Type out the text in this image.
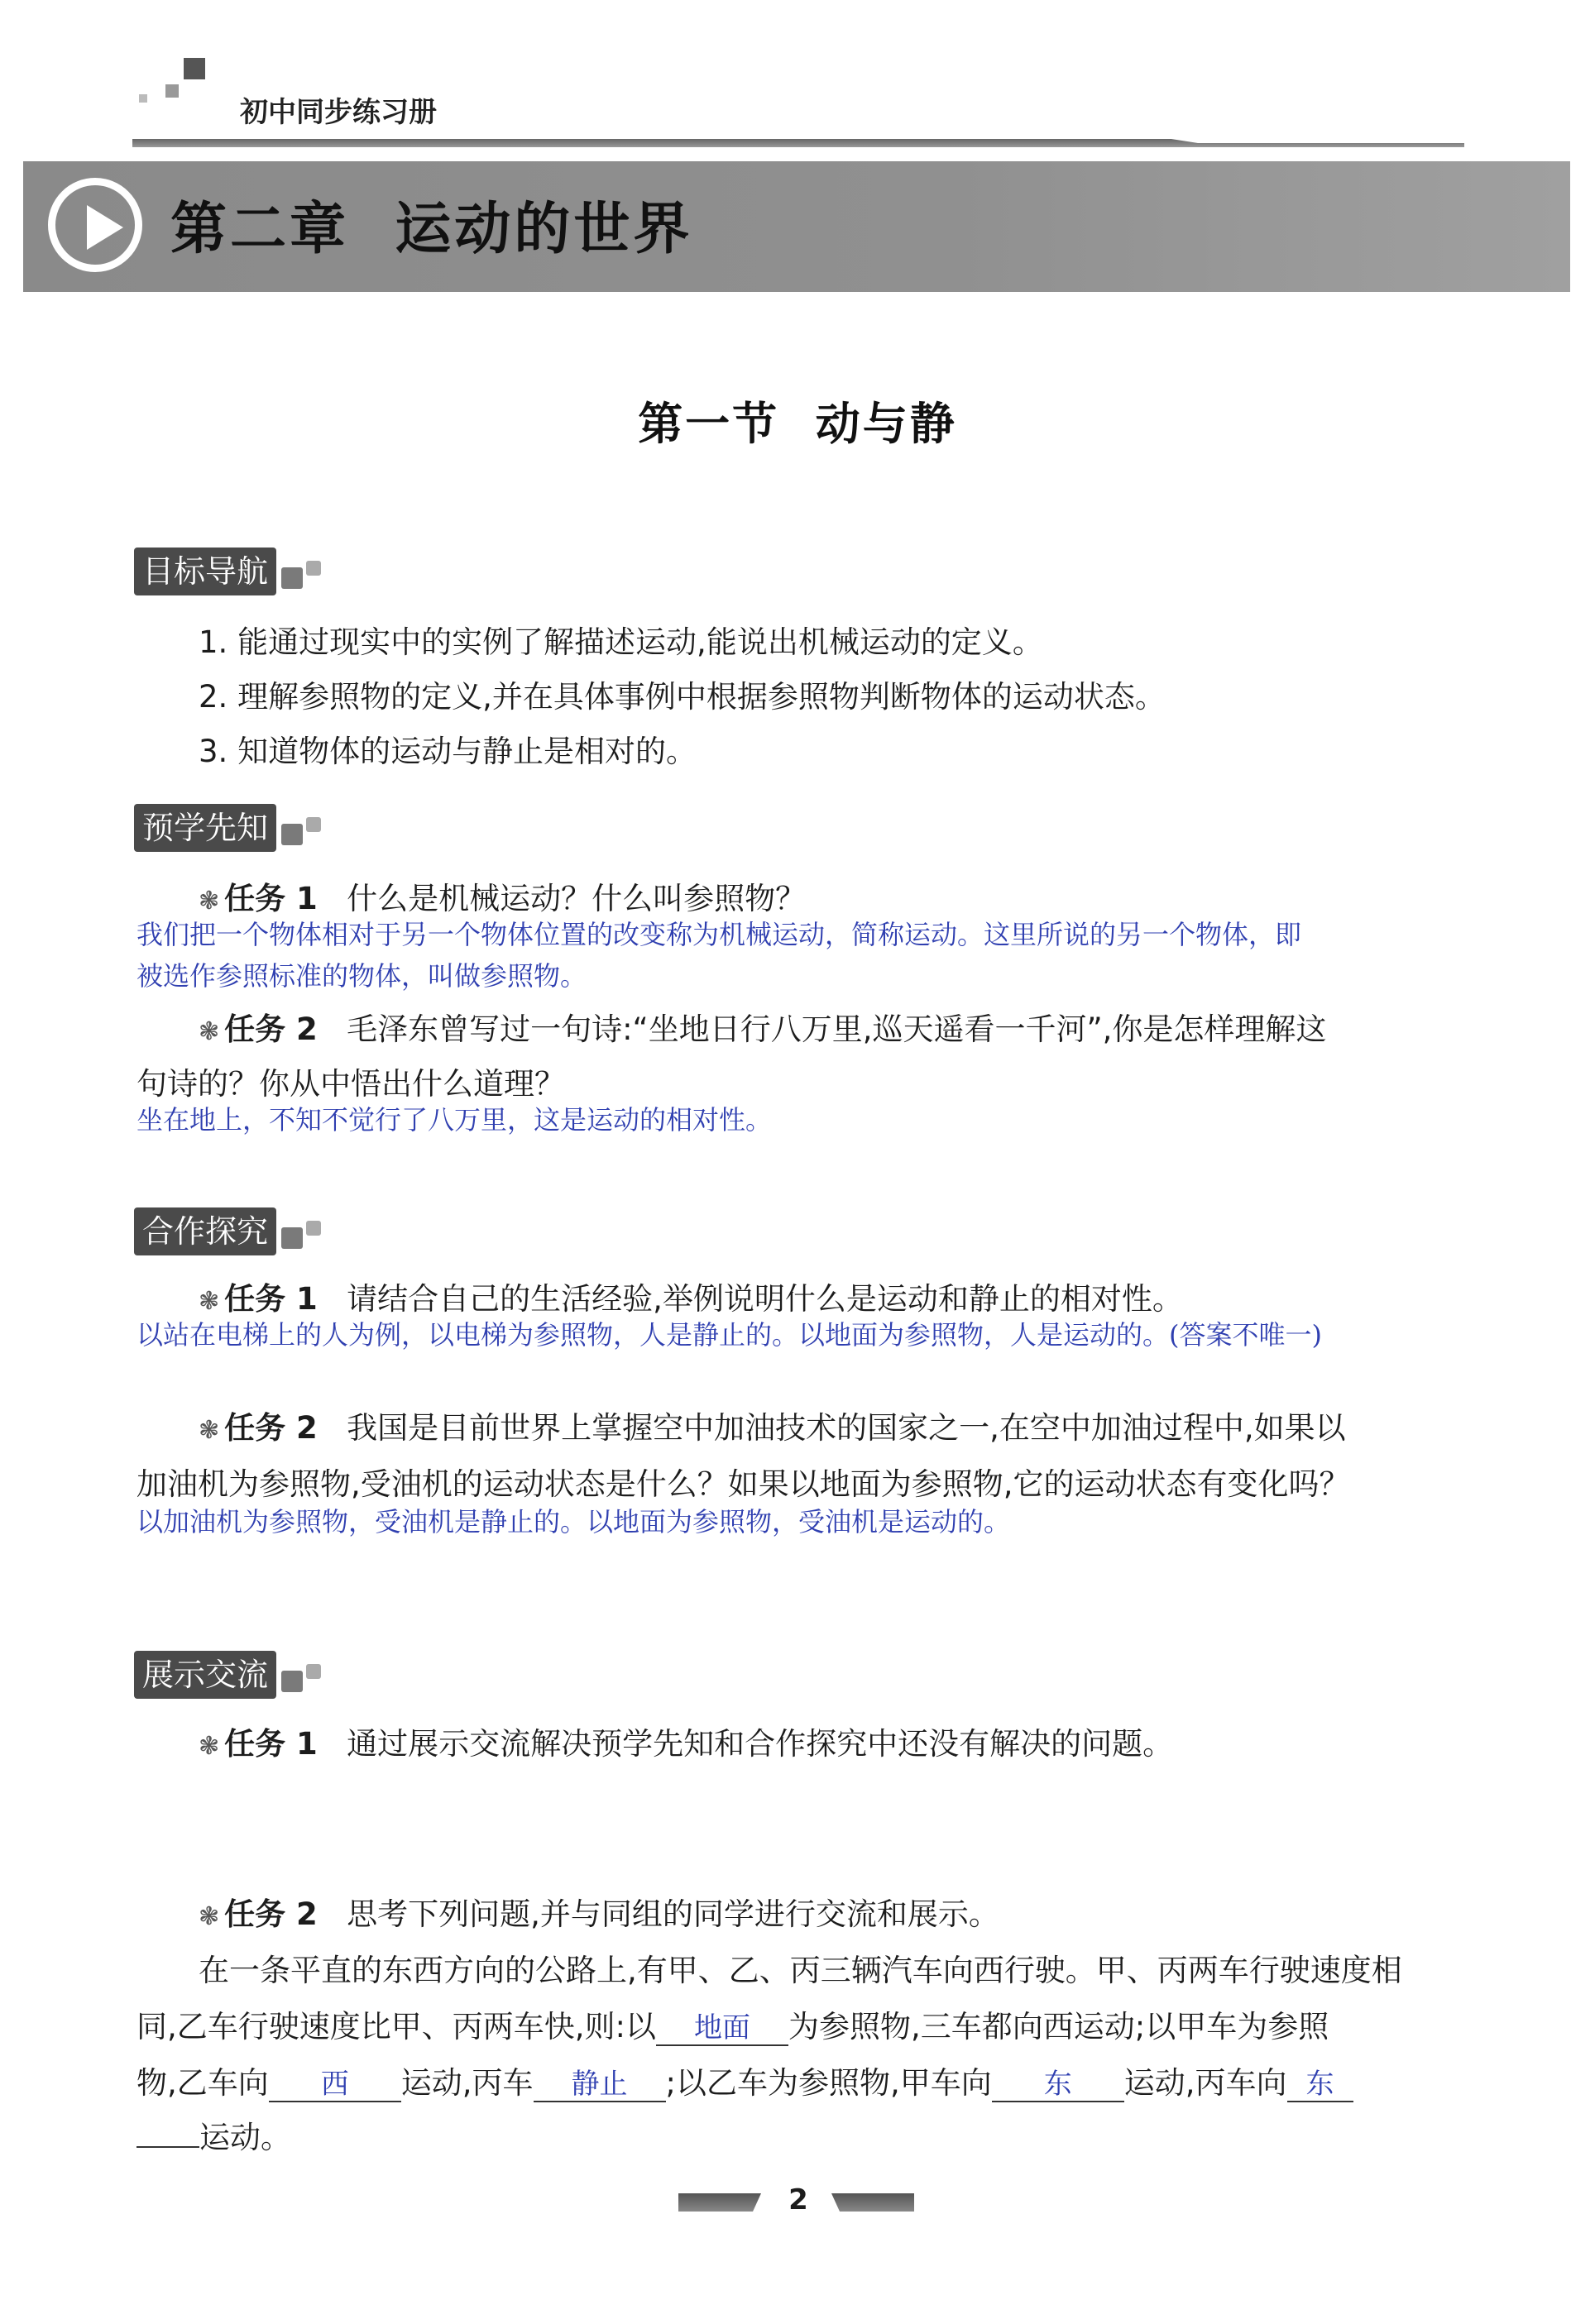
初中同步练习册
第二章  运动的世界
第一节  动与静
目标导航
1. 能通过现实中的实例了解描述运动,能说出机械运动的定义。
2. 理解参照物的定义,并在具体事例中根据参照物判断物体的运动状态。
3. 知道物体的运动与静止是相对的。
预学先知
❃ 任务 1 什么是机械运动？什么叫参照物？
我们把一个物体相对于另一个物体位置的改变称为机械运动，简称运动。这里所说的另一个物体，即
被选作参照标准的物体，叫做参照物。
❃ 任务 2 毛泽东曾写过一句诗:“坐地日行八万里,巡天遥看一千河”,你是怎样理解这
句诗的？你从中悟出什么道理？
坐在地上，不知不觉行了八万里，这是运动的相对性。
合作探究
❃ 任务 1 请结合自己的生活经验,举例说明什么是运动和静止的相对性。
以站在电梯上的人为例，以电梯为参照物，人是静止的。以地面为参照物，人是运动的。(答案不唯一)
❃ 任务 2 我国是目前世界上掌握空中加油技术的国家之一,在空中加油过程中,如果以
加油机为参照物,受油机的运动状态是什么？如果以地面为参照物,它的运动状态有变化吗？
以加油机为参照物，受油机是静止的。以地面为参照物，受油机是运动的。
展示交流
❃ 任务 1 通过展示交流解决预学先知和合作探究中还没有解决的问题。
❃ 任务 2 思考下列问题,并与同组的同学进行交流和展示。
在一条平直的东西方向的公路上,有甲、乙、丙三辆汽车向西行驶。甲、丙两车行驶速度相
同,乙车行驶速度比甲、丙两车快,则:以 地面 为参照物,三车都向西运动;以甲车为参照
物,乙车向 西 运动,丙车 静止 ;以乙车为参照物,甲车向 东 运动,丙车向 东
运动。
2
